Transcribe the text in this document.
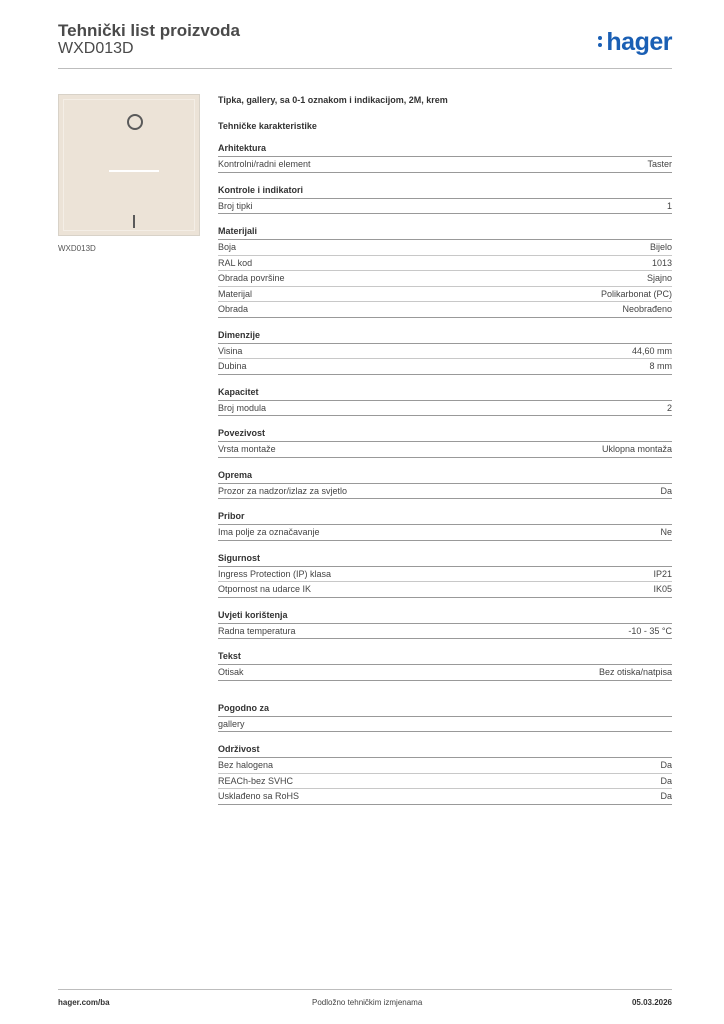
Tehnički list proizvoda
WXD013D	hager
WXD013D
Tipka, gallery, sa 0-1 oznakom i indikacijom, 2M, krem
Tehničke karakteristike
Arhitektura
Kontrolni/radni element	Taster
Kontrole i indikatori
Broj tipki	1
Materijali
Boja	Bijelo
RAL kod	1013
Obrada površine	Sjajno
Materijal	Polikarbonat (PC)
Obrada	Neobrađeno
Dimenzije
Visina	44,60 mm
Dubina	8 mm
Kapacitet
Broj modula	2
Povezivost
Vrsta montaže	Uklopna montaža
Oprema
Prozor za nadzor/izlaz za svjetlo	Da
Pribor
Ima polje za označavanje	Ne
Sigurnost
Ingress Protection (IP) klasa	IP21
Otpornost na udarce IK	IK05
Uvjeti korištenja
Radna temperatura	-10 - 35 °C
Tekst
Otisak	Bez otiska/natpisa
Pogodno za
gallery
Održivost
Bez halogena	Da
REACh-bez SVHC	Da
Usklađeno sa RoHS	Da
hager.com/ba	Podložno tehničkim izmjenama	05.03.2026
